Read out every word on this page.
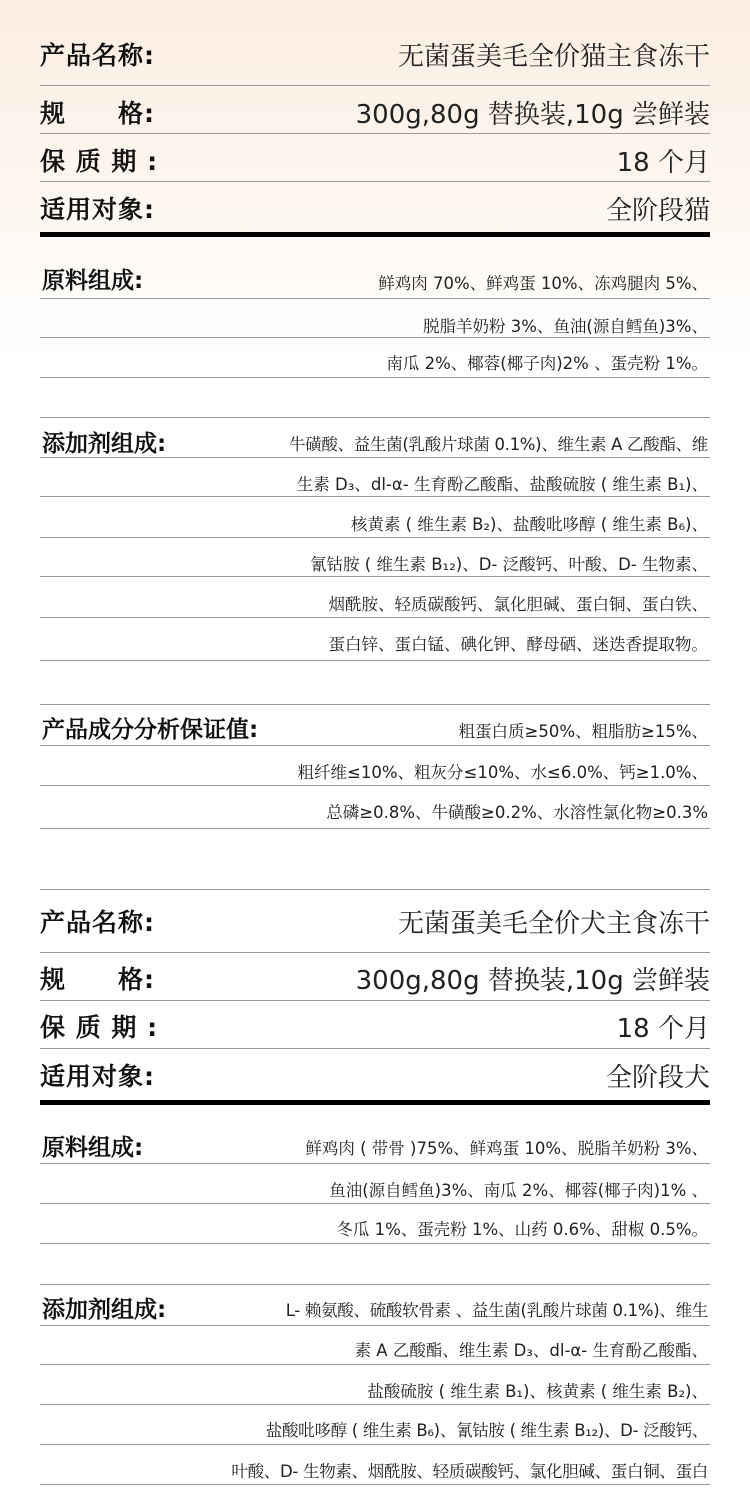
产品名称:	无菌蛋美毛全价猫主食冻干
规　　格:	300g,80g 替换装,10g 尝鲜装
保 质 期 :	18 个月
适用对象:	全阶段猫
原料组成:	鲜鸡肉 70%、鲜鸡蛋 10%、冻鸡腿肉 5%、
脱脂羊奶粉 3%、鱼油(源自鳕鱼)3%、
南瓜 2%、椰蓉(椰子肉)2% 、蛋壳粉 1%。
添加剂组成:	牛磺酸、益生菌(乳酸片球菌 0.1%)、维生素 A 乙酸酯、维
生素 D₃、dl-α- 生育酚乙酸酯、盐酸硫胺 ( 维生素 B₁)、
核黄素 ( 维生素 B₂)、盐酸吡哆醇 ( 维生素 B₆)、
氰钴胺 ( 维生素 B₁₂)、D- 泛酸钙、叶酸、D- 生物素、
烟酰胺、轻质碳酸钙、氯化胆碱、蛋白铜、蛋白铁、
蛋白锌、蛋白锰、碘化钾、酵母硒、迷迭香提取物。
产品成分分析保证值:	粗蛋白质≥50%、粗脂肪≥15%、
粗纤维≤10%、粗灰分≤10%、水≤6.0%、钙≥1.0%、
总磷≥0.8%、牛磺酸≥0.2%、水溶性氯化物≥0.3%
产品名称:	无菌蛋美毛全价犬主食冻干
规　　格:	300g,80g 替换装,10g 尝鲜装
保 质 期 :	18 个月
适用对象:	全阶段犬
原料组成:	鲜鸡肉 ( 带骨 )75%、鲜鸡蛋 10%、脱脂羊奶粉 3%、
鱼油(源自鳕鱼)3%、南瓜 2%、椰蓉(椰子肉)1% 、
冬瓜 1%、蛋壳粉 1%、山药 0.6%、甜椒 0.5%。
添加剂组成:	L- 赖氨酸、硫酸软骨素 、益生菌(乳酸片球菌 0.1%)、维生
素 A 乙酸酯、维生素 D₃、dl-α- 生育酚乙酸酯、
盐酸硫胺 ( 维生素 B₁)、核黄素 ( 维生素 B₂)、
盐酸吡哆醇 ( 维生素 B₆)、氰钴胺 ( 维生素 B₁₂)、D- 泛酸钙、
叶酸、D- 生物素、烟酰胺、轻质碳酸钙、氯化胆碱、蛋白铜、蛋白
